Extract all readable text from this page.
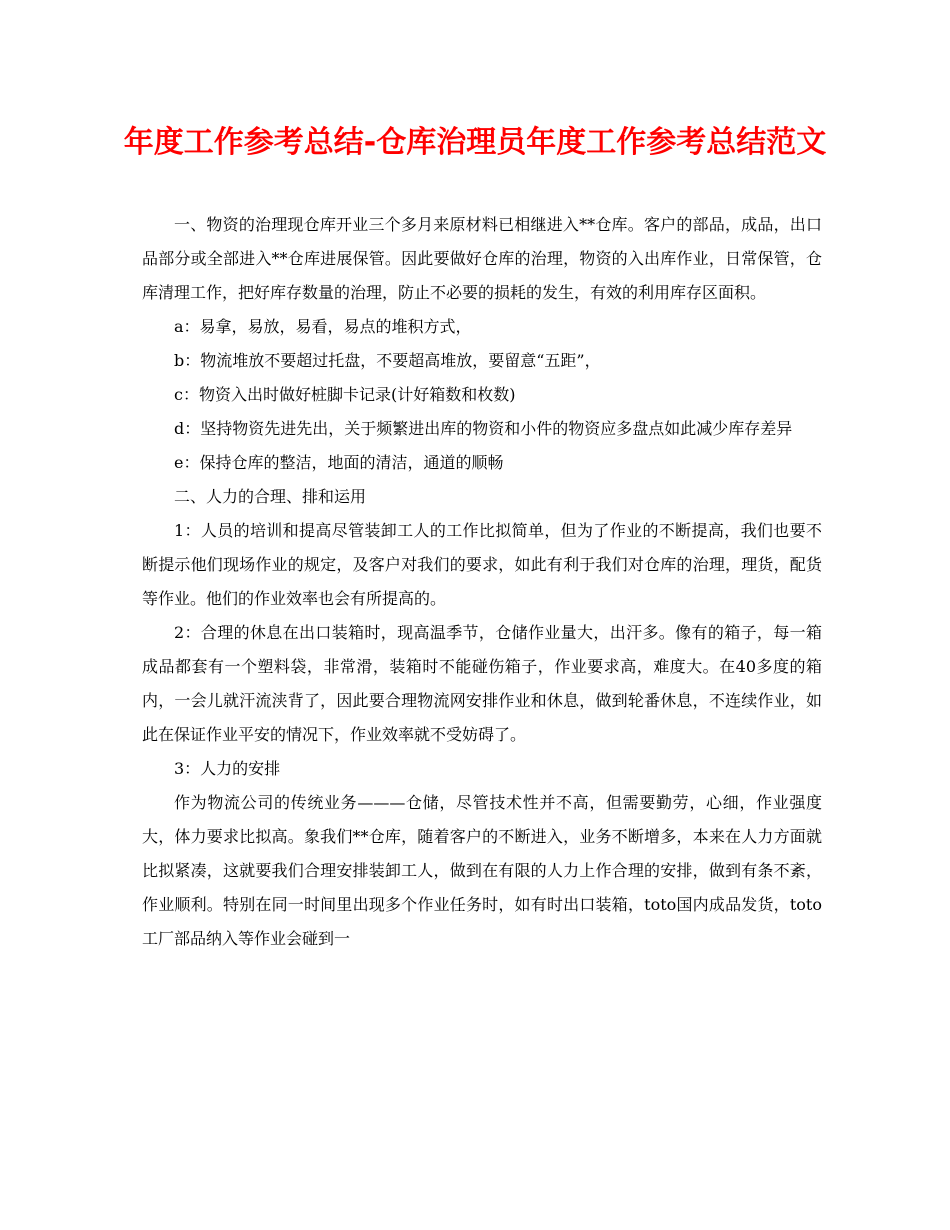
年度工作参考总结-仓库治理员年度工作参考总结范文

一、物资的治理现仓库开业三个多月来原材料已相继进入**仓库。客户的部品，成品，出口品部分或全部进入**仓库进展保管。因此要做好仓库的治理，物资的入出库作业，日常保管，仓库清理工作，把好库存数量的治理，防止不必要的损耗的发生，有效的利用库存区面积。

a：易拿，易放，易看，易点的堆积方式，

b：物流堆放不要超过托盘，不要超高堆放，要留意“五距”，

c：物资入出时做好桩脚卡记录(计好箱数和枚数)

d：坚持物资先进先出，关于频繁进出库的物资和小件的物资应多盘点如此减少库存差异

e：保持仓库的整洁，地面的清洁，通道的顺畅

二、人力的合理、排和运用

1：人员的培训和提高尽管装卸工人的工作比拟简单，但为了作业的不断提高，我们也要不断提示他们现场作业的规定，及客户对我们的要求，如此有利于我们对仓库的治理，理货，配货等作业。他们的作业效率也会有所提高的。

2：合理的休息在出口装箱时，现高温季节，仓储作业量大，出汗多。像有的箱子，每一箱成品都套有一个塑料袋，非常滑，装箱时不能碰伤箱子，作业要求高，难度大。在40多度的箱内，一会儿就汗流浃背了，因此要合理物流网安排作业和休息，做到轮番休息，不连续作业，如此在保证作业平安的情况下，作业效率就不受妨碍了。

3：人力的安排

作为物流公司的传统业务———仓储，尽管技术性并不高，但需要勤劳，心细，作业强度大，体力要求比拟高。象我们**仓库，随着客户的不断进入，业务不断增多，本来在人力方面就比拟紧凑，这就要我们合理安排装卸工人，做到在有限的人力上作合理的安排，做到有条不紊，作业顺利。特别在同一时间里出现多个作业任务时，如有时出口装箱，toto国内成品发货，toto工厂部品纳入等作业会碰到一
